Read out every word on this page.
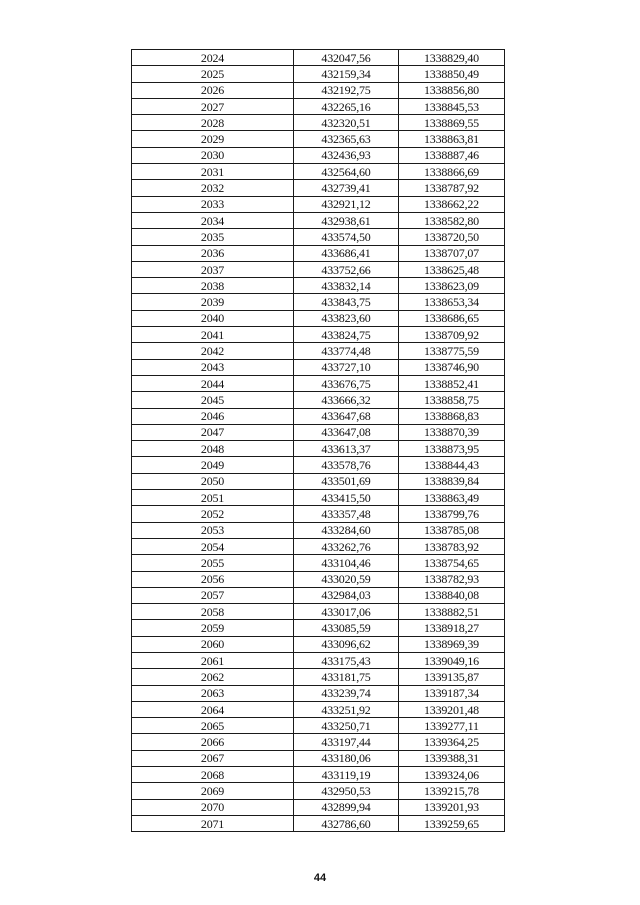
2024	432047,56	1338829,40
2025	432159,34	1338850,49
2026	432192,75	1338856,80
2027	432265,16	1338845,53
2028	432320,51	1338869,55
2029	432365,63	1338863,81
2030	432436,93	1338887,46
2031	432564,60	1338866,69
2032	432739,41	1338787,92
2033	432921,12	1338662,22
2034	432938,61	1338582,80
2035	433574,50	1338720,50
2036	433686,41	1338707,07
2037	433752,66	1338625,48
2038	433832,14	1338623,09
2039	433843,75	1338653,34
2040	433823,60	1338686,65
2041	433824,75	1338709,92
2042	433774,48	1338775,59
2043	433727,10	1338746,90
2044	433676,75	1338852,41
2045	433666,32	1338858,75
2046	433647,68	1338868,83
2047	433647,08	1338870,39
2048	433613,37	1338873,95
2049	433578,76	1338844,43
2050	433501,69	1338839,84
2051	433415,50	1338863,49
2052	433357,48	1338799,76
2053	433284,60	1338785,08
2054	433262,76	1338783,92
2055	433104,46	1338754,65
2056	433020,59	1338782,93
2057	432984,03	1338840,08
2058	433017,06	1338882,51
2059	433085,59	1338918,27
2060	433096,62	1338969,39
2061	433175,43	1339049,16
2062	433181,75	1339135,87
2063	433239,74	1339187,34
2064	433251,92	1339201,48
2065	433250,71	1339277,11
2066	433197,44	1339364,25
2067	433180,06	1339388,31
2068	433119,19	1339324,06
2069	432950,53	1339215,78
2070	432899,94	1339201,93
2071	432786,60	1339259,65
44
